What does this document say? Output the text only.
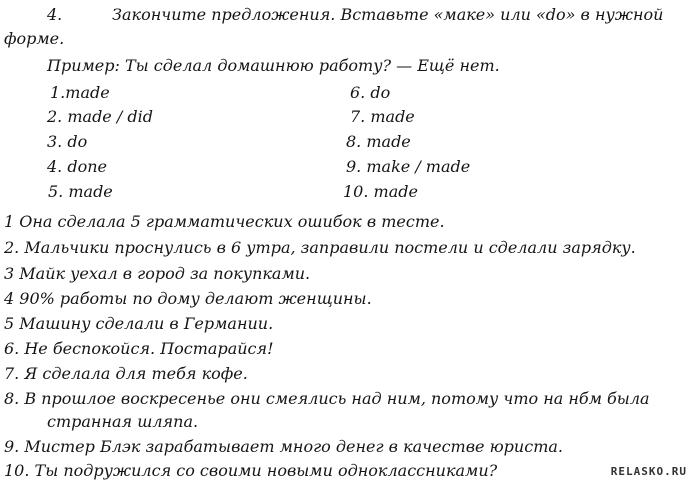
4.	Закончите предложения. Вставьте «маке» или «do» в нужной
форме.
Пример: Ты сделал домашнюю работу? — Ещё нет.
1.made
2. made / did
3. do
4. done
5. made
6. do
7. made
8. made
9. make / made
10. made
1 Она сделала 5 грамматических ошибок в тесте.
2. Мальчики проснулись в 6 утра, заправили постели и сделали зарядку.
3 Майк уехал в город за покупками.
4 90% работы по дому делают женщины.
5 Машину сделали в Германии.
6. Не беспокойся. Постарайся!
7. Я сделала для тебя кофе.
8. В прошлое воскресенье они смеялись над ним, потому что на нбм была
странная шляпа.
9. Мистер Блэк зарабатывает много денег в качестве юриста.
10. Ты подружился со своими новыми одноклассниками?	RELASKO.RU
